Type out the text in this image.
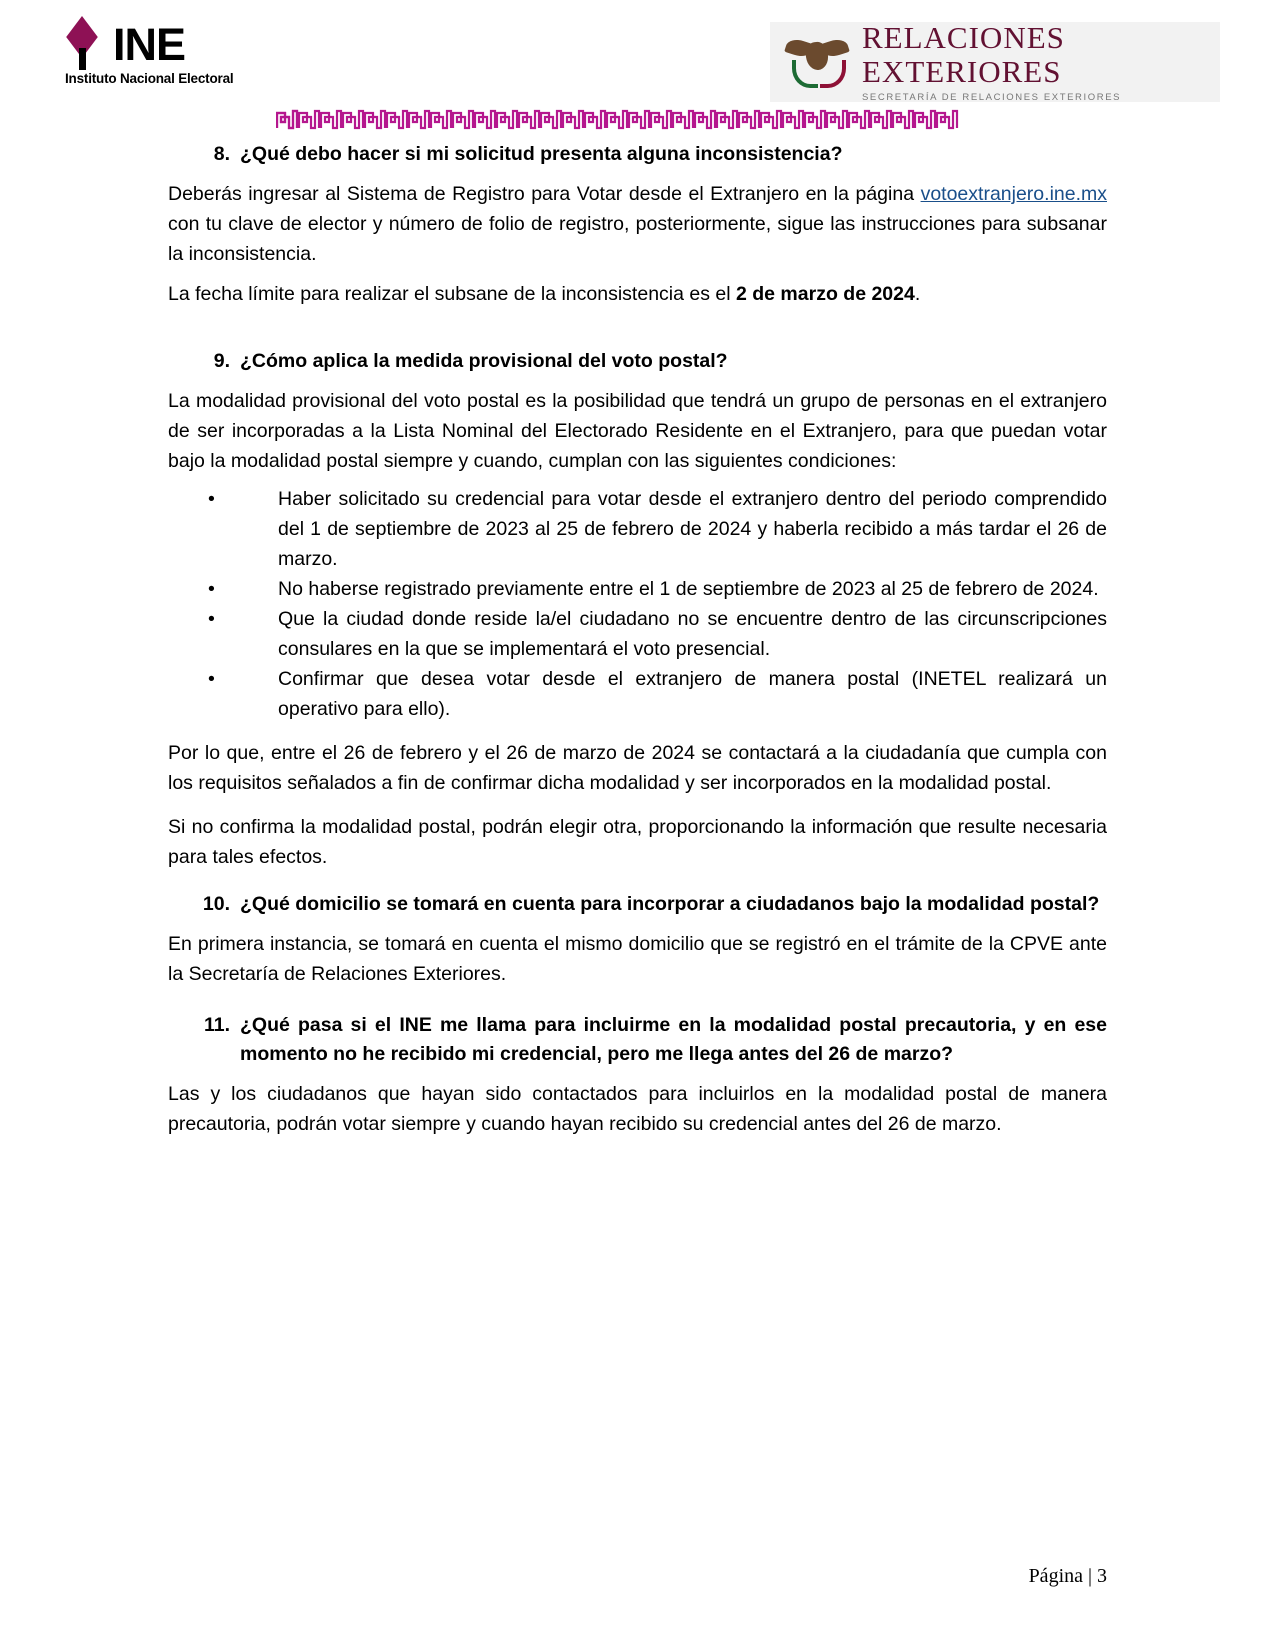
INE
Instituto Nacional Electoral
RELACIONES EXTERIORES
SECRETARÍA DE RELACIONES EXTERIORES
8. ¿Qué debo hacer si mi solicitud presenta alguna inconsistencia?

Deberás ingresar al Sistema de Registro para Votar desde el Extranjero en la página votoextranjero.ine.mx con tu clave de elector y número de folio de registro, posteriormente, sigue las instrucciones para subsanar la inconsistencia.

La fecha límite para realizar el subsane de la inconsistencia es el 2 de marzo de 2024.

9. ¿Cómo aplica la medida provisional del voto postal?

La modalidad provisional del voto postal es la posibilidad que tendrá un grupo de personas en el extranjero de ser incorporadas a la Lista Nominal del Electorado Residente en el Extranjero, para que puedan votar bajo la modalidad postal siempre y cuando, cumplan con las siguientes condiciones:

•	Haber solicitado su credencial para votar desde el extranjero dentro del periodo comprendido del 1 de septiembre de 2023 al 25 de febrero de 2024 y haberla recibido a más tardar el 26 de marzo.
•	No haberse registrado previamente entre el 1 de septiembre de 2023 al 25 de febrero de 2024.
•	Que la ciudad donde reside la/el ciudadano no se encuentre dentro de las circunscripciones consulares en la que se implementará el voto presencial.
•	Confirmar que desea votar desde el extranjero de manera postal (INETEL realizará un operativo para ello).

Por lo que, entre el 26 de febrero y el 26 de marzo de 2024 se contactará a la ciudadanía que cumpla con los requisitos señalados a fin de confirmar dicha modalidad y ser incorporados en la modalidad postal.

Si no confirma la modalidad postal, podrán elegir otra, proporcionando la información que resulte necesaria para tales efectos.

10. ¿Qué domicilio se tomará en cuenta para incorporar a ciudadanos bajo la modalidad postal?

En primera instancia, se tomará en cuenta el mismo domicilio que se registró en el trámite de la CPVE ante la Secretaría de Relaciones Exteriores.

11. ¿Qué pasa si el INE me llama para incluirme en la modalidad postal precautoria, y en ese momento no he recibido mi credencial, pero me llega antes del 26 de marzo?

Las y los ciudadanos que hayan sido contactados para incluirlos en la modalidad postal de manera precautoria, podrán votar siempre y cuando hayan recibido su credencial antes del 26 de marzo.

Página | 3
